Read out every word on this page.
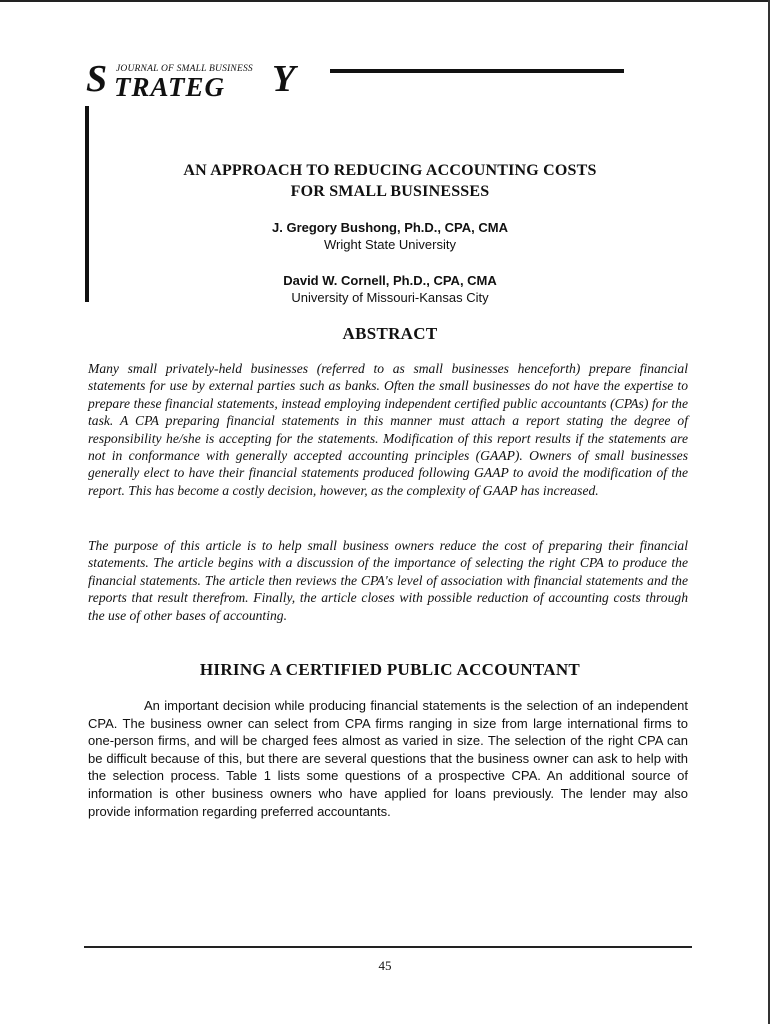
S JOURNAL OF SMALL BUSINESS
TRATEG Y
AN APPROACH TO REDUCING ACCOUNTING COSTS
FOR SMALL BUSINESSES
J. Gregory Bushong, Ph.D., CPA, CMA
Wright State University
David W. Cornell, Ph.D., CPA, CMA
University of Missouri-Kansas City
ABSTRACT

Many small privately-held businesses (referred to as small businesses henceforth) prepare financial statements for use by external parties such as banks. Often the small businesses do not have the expertise to prepare these financial statements, instead employing independent certified public accountants (CPAs) for the task. A CPA preparing financial statements in this manner must attach a report stating the degree of responsibility he/she is accepting for the statements. Modification of this report results if the statements are not in conformance with generally accepted accounting principles (GAAP). Owners of small businesses generally elect to have their financial statements produced following GAAP to avoid the modification of the report. This has become a costly decision, however, as the complexity of GAAP has increased.

The purpose of this article is to help small business owners reduce the cost of preparing their financial statements. The article begins with a discussion of the importance of selecting the right CPA to produce the financial statements. The article then reviews the CPA's level of association with financial statements and the reports that result therefrom. Finally, the article closes with possible reduction of accounting costs through the use of other bases of accounting.

HIRING A CERTIFIED PUBLIC ACCOUNTANT

An important decision while producing financial statements is the selection of an independent CPA. The business owner can select from CPA firms ranging in size from large international firms to one-person firms, and will be charged fees almost as varied in size. The selection of the right CPA can be difficult because of this, but there are several questions that the business owner can ask to help with the selection process. Table 1 lists some questions of a prospective CPA. An additional source of information is other business owners who have applied for loans previously. The lender may also provide information regarding preferred accountants.

45
